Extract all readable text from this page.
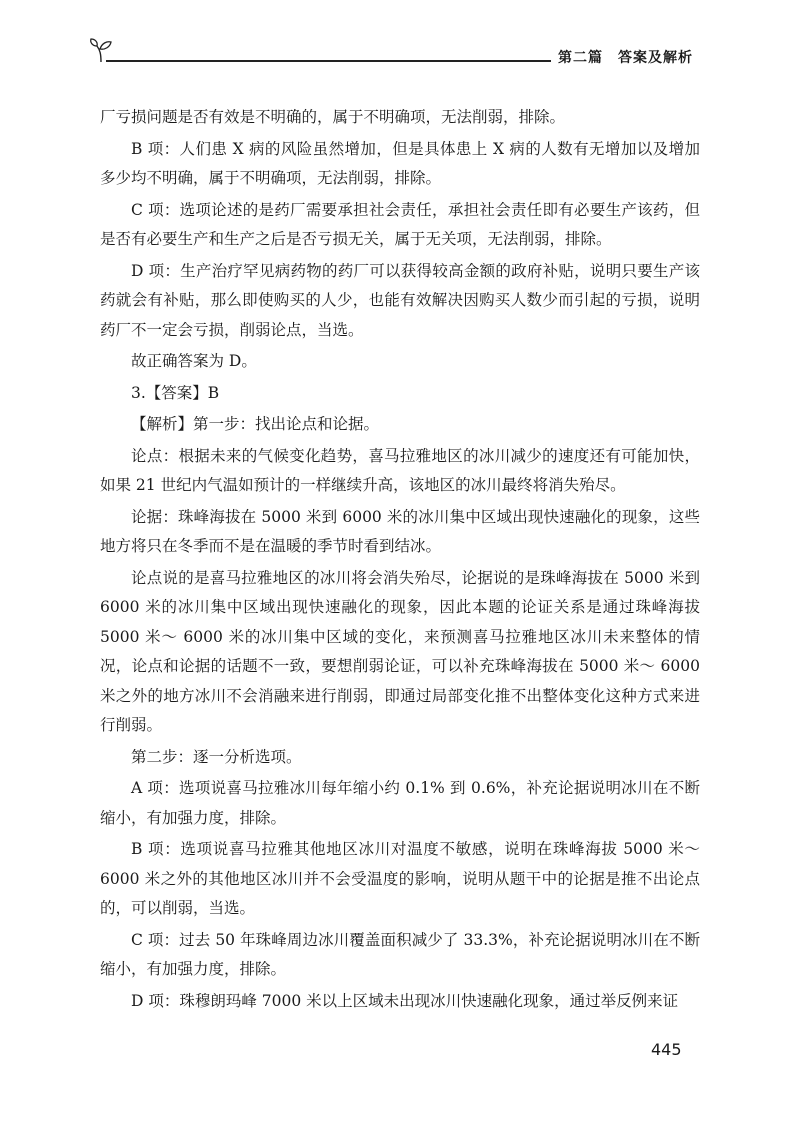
第二篇　答案及解析

厂亏损问题是否有效是不明确的，属于不明确项，无法削弱，排除。

B 项：人们患 X 病的风险虽然增加，但是具体患上 X 病的人数有无增加以及增加多少均不明确，属于不明确项，无法削弱，排除。

C 项：选项论述的是药厂需要承担社会责任，承担社会责任即有必要生产该药，但是否有必要生产和生产之后是否亏损无关，属于无关项，无法削弱，排除。

D 项：生产治疗罕见病药物的药厂可以获得较高金额的政府补贴，说明只要生产该药就会有补贴，那么即使购买的人少，也能有效解决因购买人数少而引起的亏损，说明药厂不一定会亏损，削弱论点，当选。

故正确答案为 D。

3.【答案】B

【解析】第一步：找出论点和论据。

论点：根据未来的气候变化趋势，喜马拉雅地区的冰川减少的速度还有可能加快，如果 21 世纪内气温如预计的一样继续升高，该地区的冰川最终将消失殆尽。

论据：珠峰海拔在 5000 米到 6000 米的冰川集中区域出现快速融化的现象，这些地方将只在冬季而不是在温暖的季节时看到结冰。

论点说的是喜马拉雅地区的冰川将会消失殆尽，论据说的是珠峰海拔在 5000 米到 6000 米的冰川集中区域出现快速融化的现象，因此本题的论证关系是通过珠峰海拔 5000 米～ 6000 米的冰川集中区域的变化，来预测喜马拉雅地区冰川未来整体的情况，论点和论据的话题不一致，要想削弱论证，可以补充珠峰海拔在 5000 米～ 6000 米之外的地方冰川不会消融来进行削弱，即通过局部变化推不出整体变化这种方式来进行削弱。

第二步：逐一分析选项。

A 项：选项说喜马拉雅冰川每年缩小约 0.1% 到 0.6%，补充论据说明冰川在不断缩小，有加强力度，排除。

B 项：选项说喜马拉雅其他地区冰川对温度不敏感，说明在珠峰海拔 5000 米～ 6000 米之外的其他地区冰川并不会受温度的影响，说明从题干中的论据是推不出论点的，可以削弱，当选。

C 项：过去 50 年珠峰周边冰川覆盖面积减少了 33.3%，补充论据说明冰川在不断缩小，有加强力度，排除。

D 项：珠穆朗玛峰 7000 米以上区域未出现冰川快速融化现象，通过举反例来证

445
